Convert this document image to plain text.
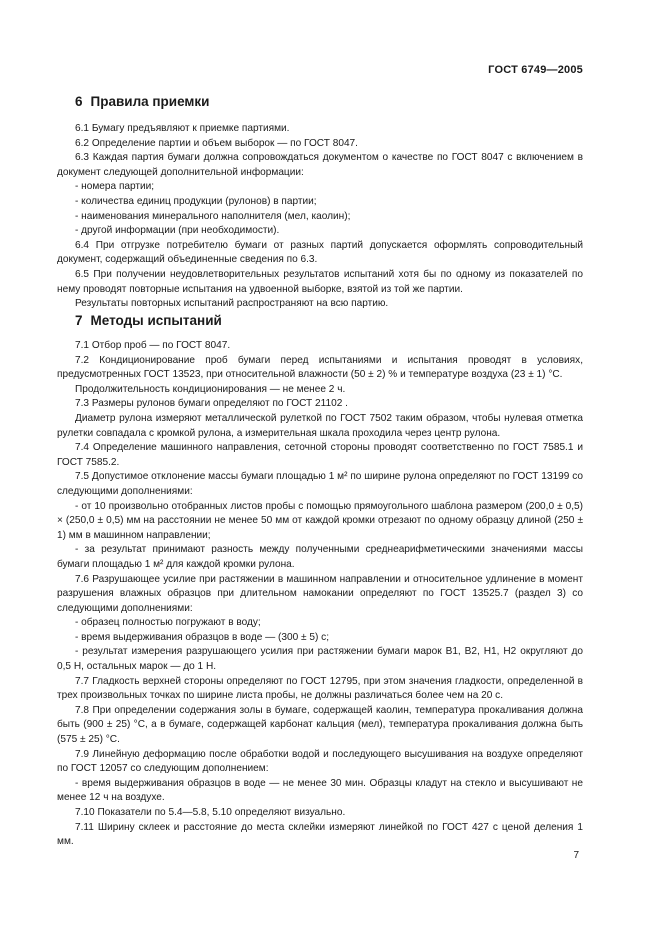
ГОСТ 6749—2005
6 Правила приемки

6.1 Бумагу предъявляют к приемке партиями.

6.2 Определение партии и объем выборок — по ГОСТ 8047.

6.3 Каждая партия бумаги должна сопровождаться документом о качестве по ГОСТ 8047 с включением в документ следующей дополнительной информации:

- номера партии;

- количества единиц продукции (рулонов) в партии;

- наименования минерального наполнителя (мел, каолин);

- другой информации (при необходимости).

6.4 При отгрузке потребителю бумаги от разных партий допускается оформлять сопроводительный документ, содержащий объединенные сведения по 6.3.

6.5 При получении неудовлетворительных результатов испытаний хотя бы по одному из показателей по нему проводят повторные испытания на удвоенной выборке, взятой из той же партии.

Результаты повторных испытаний распространяют на всю партию.

7 Методы испытаний

7.1 Отбор проб — по ГОСТ 8047.

7.2 Кондиционирование проб бумаги перед испытаниями и испытания проводят в условиях, предусмотренных ГОСТ 13523, при относительной влажности (50 ± 2) % и температуре воздуха (23 ± 1) °С.

Продолжительность кондиционирования — не менее 2 ч.

7.3 Размеры рулонов бумаги определяют по ГОСТ 21102 .

Диаметр рулона измеряют металлической рулеткой по ГОСТ 7502 таким образом, чтобы нулевая отметка рулетки совпадала с кромкой рулона, а измерительная шкала проходила через центр рулона.

7.4 Определение машинного направления, сеточной стороны проводят соответственно по ГОСТ 7585.1 и ГОСТ 7585.2.

7.5 Допустимое отклонение массы бумаги площадью 1 м² по ширине рулона определяют по ГОСТ 13199 со следующими дополнениями:

- от 10 произвольно отобранных листов пробы с помощью прямоугольного шаблона размером (200,0 ± 0,5) × (250,0 ± 0,5) мм на расстоянии не менее 50 мм от каждой кромки отрезают по одному образцу длиной (250 ± 1) мм в машинном направлении;

- за результат принимают разность между полученными среднеарифметическими значениями массы бумаги площадью 1 м² для каждой кромки рулона.

7.6 Разрушающее усилие при растяжении в машинном направлении и относительное удлинение в момент разрушения влажных образцов при длительном намокании определяют по ГОСТ 13525.7 (раздел 3) со следующими дополнениями:

- образец полностью погружают в воду;

- время выдерживания образцов в воде — (300 ± 5) с;

- результат измерения разрушающего усилия при растяжении бумаги марок В1, В2, Н1, Н2 округляют до 0,5 Н, остальных марок — до 1 Н.

7.7 Гладкость верхней стороны определяют по ГОСТ 12795, при этом значения гладкости, определенной в трех произвольных точках по ширине листа пробы, не должны различаться более чем на 20 с.

7.8 При определении содержания золы в бумаге, содержащей каолин, температура прокаливания должна быть (900 ± 25) °С, а в бумаге, содержащей карбонат кальция (мел), температура прокаливания должна быть (575 ± 25) °С.

7.9 Линейную деформацию после обработки водой и последующего высушивания на воздухе определяют по ГОСТ 12057 со следующим дополнением:

- время выдерживания образцов в воде — не менее 30 мин. Образцы кладут на стекло и высушивают не менее 12 ч на воздухе.

7.10 Показатели по 5.4—5.8, 5.10 определяют визуально.

7.11 Ширину склеек и расстояние до места склейки измеряют линейкой по ГОСТ 427 с ценой деления 1 мм.

7
